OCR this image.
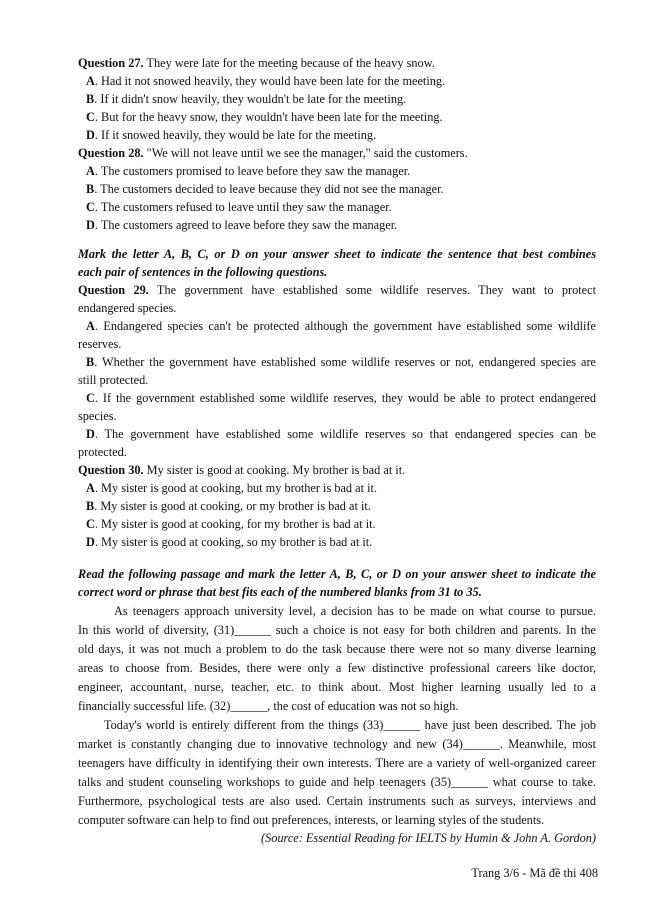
Question 27. They were late for the meeting because of the heavy snow.
A. Had it not snowed heavily, they would have been late for the meeting.
B. If it didn't snow heavily, they wouldn't be late for the meeting.
C. But for the heavy snow, they wouldn't have been late for the meeting.
D. If it snowed heavily, they would be late for the meeting.
Question 28. "We will not leave until we see the manager," said the customers.
A. The customers promised to leave before they saw the manager.
B. The customers decided to leave because they did not see the manager.
C. The customers refused to leave until they saw the manager.
D. The customers agreed to leave before they saw the manager.
Mark the letter A, B, C, or D on your answer sheet to indicate the sentence that best combines
each pair of sentences in the following questions.
Question 29. The government have established some wildlife reserves. They want to protect
endangered species.
A. Endangered species can't be protected although the government have established some wildlife
reserves.
B. Whether the government have established some wildlife reserves or not, endangered species are
still protected.
C. If the government established some wildlife reserves, they would be able to protect endangered
species.
D. The government have established some wildlife reserves so that endangered species can be
protected.
Question 30. My sister is good at cooking. My brother is bad at it.
A. My sister is good at cooking, but my brother is bad at it.
B. My sister is good at cooking, or my brother is bad at it.
C. My sister is good at cooking, for my brother is bad at it.
D. My sister is good at cooking, so my brother is bad at it.
Read the following passage and mark the letter A, B, C, or D on your answer sheet to indicate the
correct word or phrase that best fits each of the numbered blanks from 31 to 35.
As teenagers approach university level, a decision has to be made on what course to pursue.
In this world of diversity, (31)______ such a choice is not easy for both children and parents. In the
old days, it was not much a problem to do the task because there were not so many diverse learning
areas to choose from. Besides, there were only a few distinctive professional careers like doctor,
engineer, accountant, nurse, teacher, etc. to think about. Most higher learning usually led to a
financially successful life. (32)______, the cost of education was not so high.
Today's world is entirely different from the things (33)______ have just been described. The job
market is constantly changing due to innovative technology and new (34)______. Meanwhile, most
teenagers have difficulty in identifying their own interests. There are a variety of well-organized career
talks and student counseling workshops to guide and help teenagers (35)______ what course to take.
Furthermore, psychological tests are also used. Certain instruments such as surveys, interviews and
computer software can help to find out preferences, interests, or learning styles of the students.
(Source: Essential Reading for IELTS by Humin & John A. Gordon)
Trang 3/6 - Mã đề thi 408
